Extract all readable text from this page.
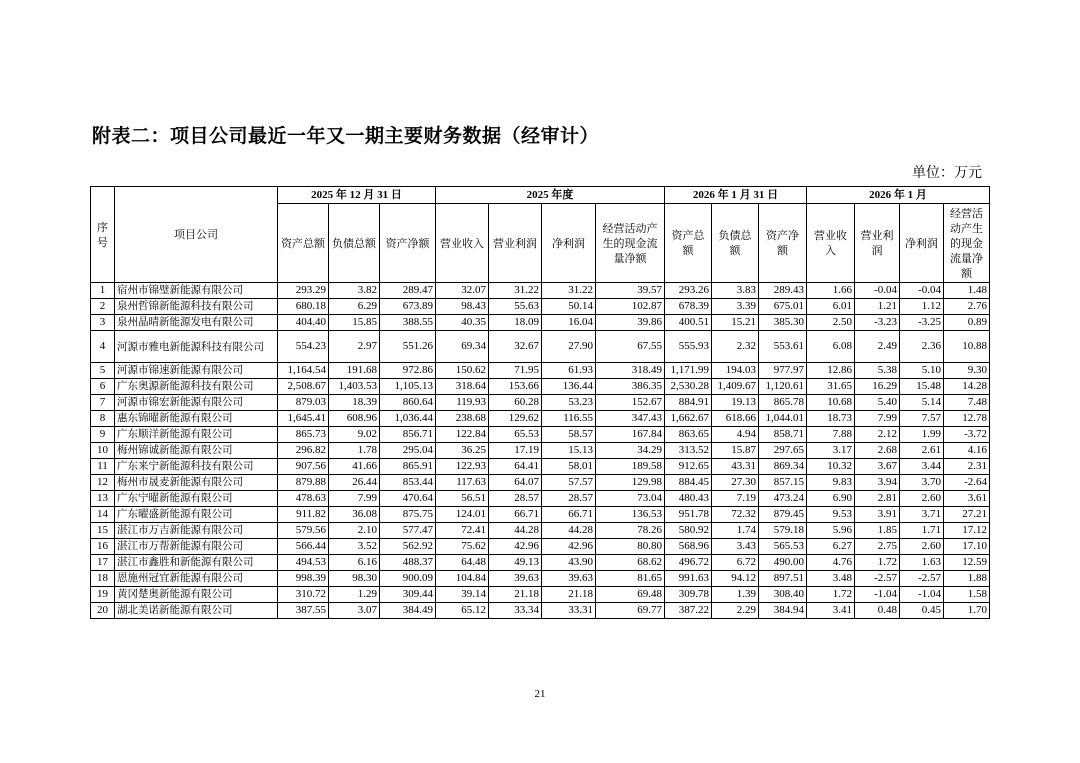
附表二：项目公司最近一年又一期主要财务数据（经审计）
单位：万元
序号	项目公司	2025 年 12 月 31 日			2025 年度				2026 年 1 月 31 日			2026 年 1 月			
		资产总额	负债总额	资产净额	营业收入	营业利润	净利润	经营活动产生的现金流量净额	资产总额	负债总额	资产净额	营业收入	营业利润	净利润	经营活动产生的现金流量净额
1	宿州市锦璧新能源有限公司	293.29	3.82	289.47	32.07	31.22	31.22	39.57	293.26	3.83	289.43	1.66	-0.04	-0.04	1.48
2	泉州哲锦新能源科技有限公司	680.18	6.29	673.89	98.43	55.63	50.14	102.87	678.39	3.39	675.01	6.01	1.21	1.12	2.76
3	泉州晶晴新能源发电有限公司	404.40	15.85	388.55	40.35	18.09	16.04	39.86	400.51	15.21	385.30	2.50	-3.23	-3.25	0.89
4	河源市雅电新能源科技有限公司	554.23	2.97	551.26	69.34	32.67	27.90	67.55	555.93	2.32	553.61	6.08	2.49	2.36	10.88
5	河源市锦速新能源有限公司	1,164.54	191.68	972.86	150.62	71.95	61.93	318.49	1,171.99	194.03	977.97	12.86	5.38	5.10	9.30
6	广东奥源新能源科技有限公司	2,508.67	1,403.53	1,105.13	318.64	153.66	136.44	386.35	2,530.28	1,409.67	1,120.61	31.65	16.29	15.48	14.28
7	河源市锦宏新能源有限公司	879.03	18.39	860.64	119.93	60.28	53.23	152.67	884.91	19.13	865.78	10.68	5.40	5.14	7.48
8	惠东锦曜新能源有限公司	1,645.41	608.96	1,036.44	238.68	129.62	116.55	347.43	1,662.67	618.66	1,044.01	18.73	7.99	7.57	12.78
9	广东顺洋新能源有限公司	865.73	9.02	856.71	122.84	65.53	58.57	167.84	863.65	4.94	858.71	7.88	2.12	1.99	-3.72
10	梅州锦诚新能源有限公司	296.82	1.78	295.04	36.25	17.19	15.13	34.29	313.52	15.87	297.65	3.17	2.68	2.61	4.16
11	广东来宁新能源科技有限公司	907.56	41.66	865.91	122.93	64.41	58.01	189.58	912.65	43.31	869.34	10.32	3.67	3.44	2.31
12	梅州市晟麦新能源有限公司	879.88	26.44	853.44	117.63	64.07	57.57	129.98	884.45	27.30	857.15	9.83	3.94	3.70	-2.64
13	广东宁曜新能源有限公司	478.63	7.99	470.64	56.51	28.57	28.57	73.04	480.43	7.19	473.24	6.90	2.81	2.60	3.61
14	广东曜盛新能源有限公司	911.82	36.08	875.75	124.01	66.71	66.71	136.53	951.78	72.32	879.45	9.53	3.91	3.71	27.21
15	湛江市万吉新能源有限公司	579.56	2.10	577.47	72.41	44.28	44.28	78.26	580.92	1.74	579.18	5.96	1.85	1.71	17.12
16	湛江市万帮新能源有限公司	566.44	3.52	562.92	75.62	42.96	42.96	80.80	568.96	3.43	565.53	6.27	2.75	2.60	17.10
17	湛江市鑫胜和新能源有限公司	494.53	6.16	488.37	64.48	49.13	43.90	68.62	496.72	6.72	490.00	4.76	1.72	1.63	12.59
18	恩施州冠宜新能源有限公司	998.39	98.30	900.09	104.84	39.63	39.63	81.65	991.63	94.12	897.51	3.48	-2.57	-2.57	1.88
19	黄冈楚奥新能源有限公司	310.72	1.29	309.44	39.14	21.18	21.18	69.48	309.78	1.39	308.40	1.72	-1.04	-1.04	1.58
20	湖北美诺新能源有限公司	387.55	3.07	384.49	65.12	33.34	33.31	69.77	387.22	2.29	384.94	3.41	0.48	0.45	1.70
21
